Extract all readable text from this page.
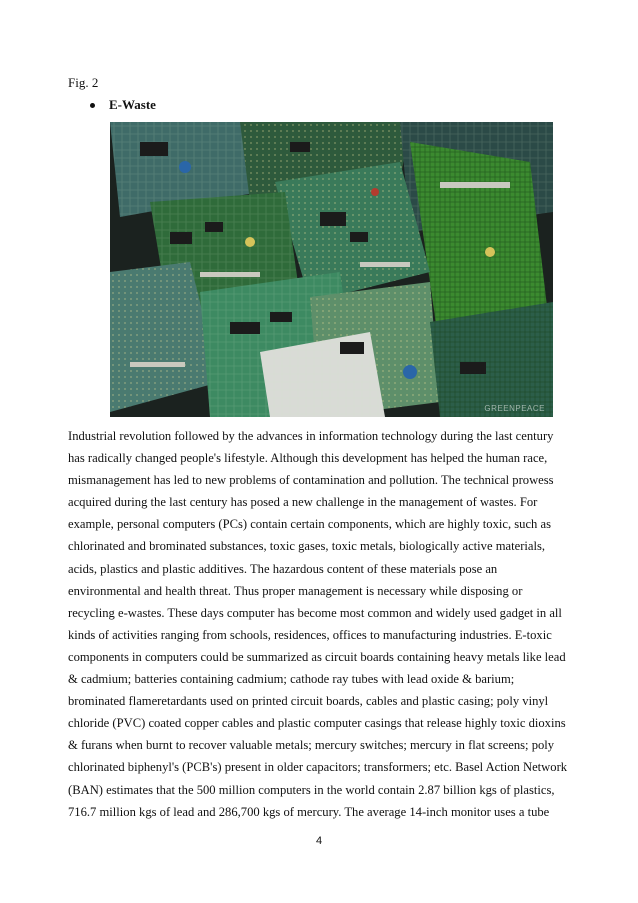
Fig. 2
E-Waste
GREENPEACE
Industrial revolution followed by the advances in information technology during the last century
has radically changed people's lifestyle. Although this development has helped the human race,
mismanagement has led to new problems of contamination and pollution. The technical prowess
acquired during the last century has posed a new challenge in the management of wastes. For
example, personal computers (PCs) contain certain components, which are highly toxic, such as
chlorinated and brominated substances, toxic gases, toxic metals, biologically active materials,
acids, plastics and plastic additives. The hazardous content of these materials pose an
environmental and health threat. Thus proper management is necessary while disposing or
recycling e-wastes. These days computer has become most common and widely used gadget in all
kinds of activities ranging from schools, residences, offices to manufacturing industries. E-toxic
components in computers could be summarized as circuit boards containing heavy metals like lead
& cadmium; batteries containing cadmium; cathode ray tubes with lead oxide & barium;
brominated flameretardants used on printed circuit boards, cables and plastic casing; poly vinyl
chloride (PVC) coated copper cables and plastic computer casings that release highly toxic dioxins
& furans when burnt to recover valuable metals; mercury switches; mercury in flat screens; poly
chlorinated biphenyl's (PCB's) present in older capacitors; transformers; etc. Basel Action Network
(BAN) estimates that the 500 million computers in the world contain 2.87 billion kgs of plastics,
716.7 million kgs of lead and 286,700 kgs of mercury. The average 14-inch monitor uses a tube
4
